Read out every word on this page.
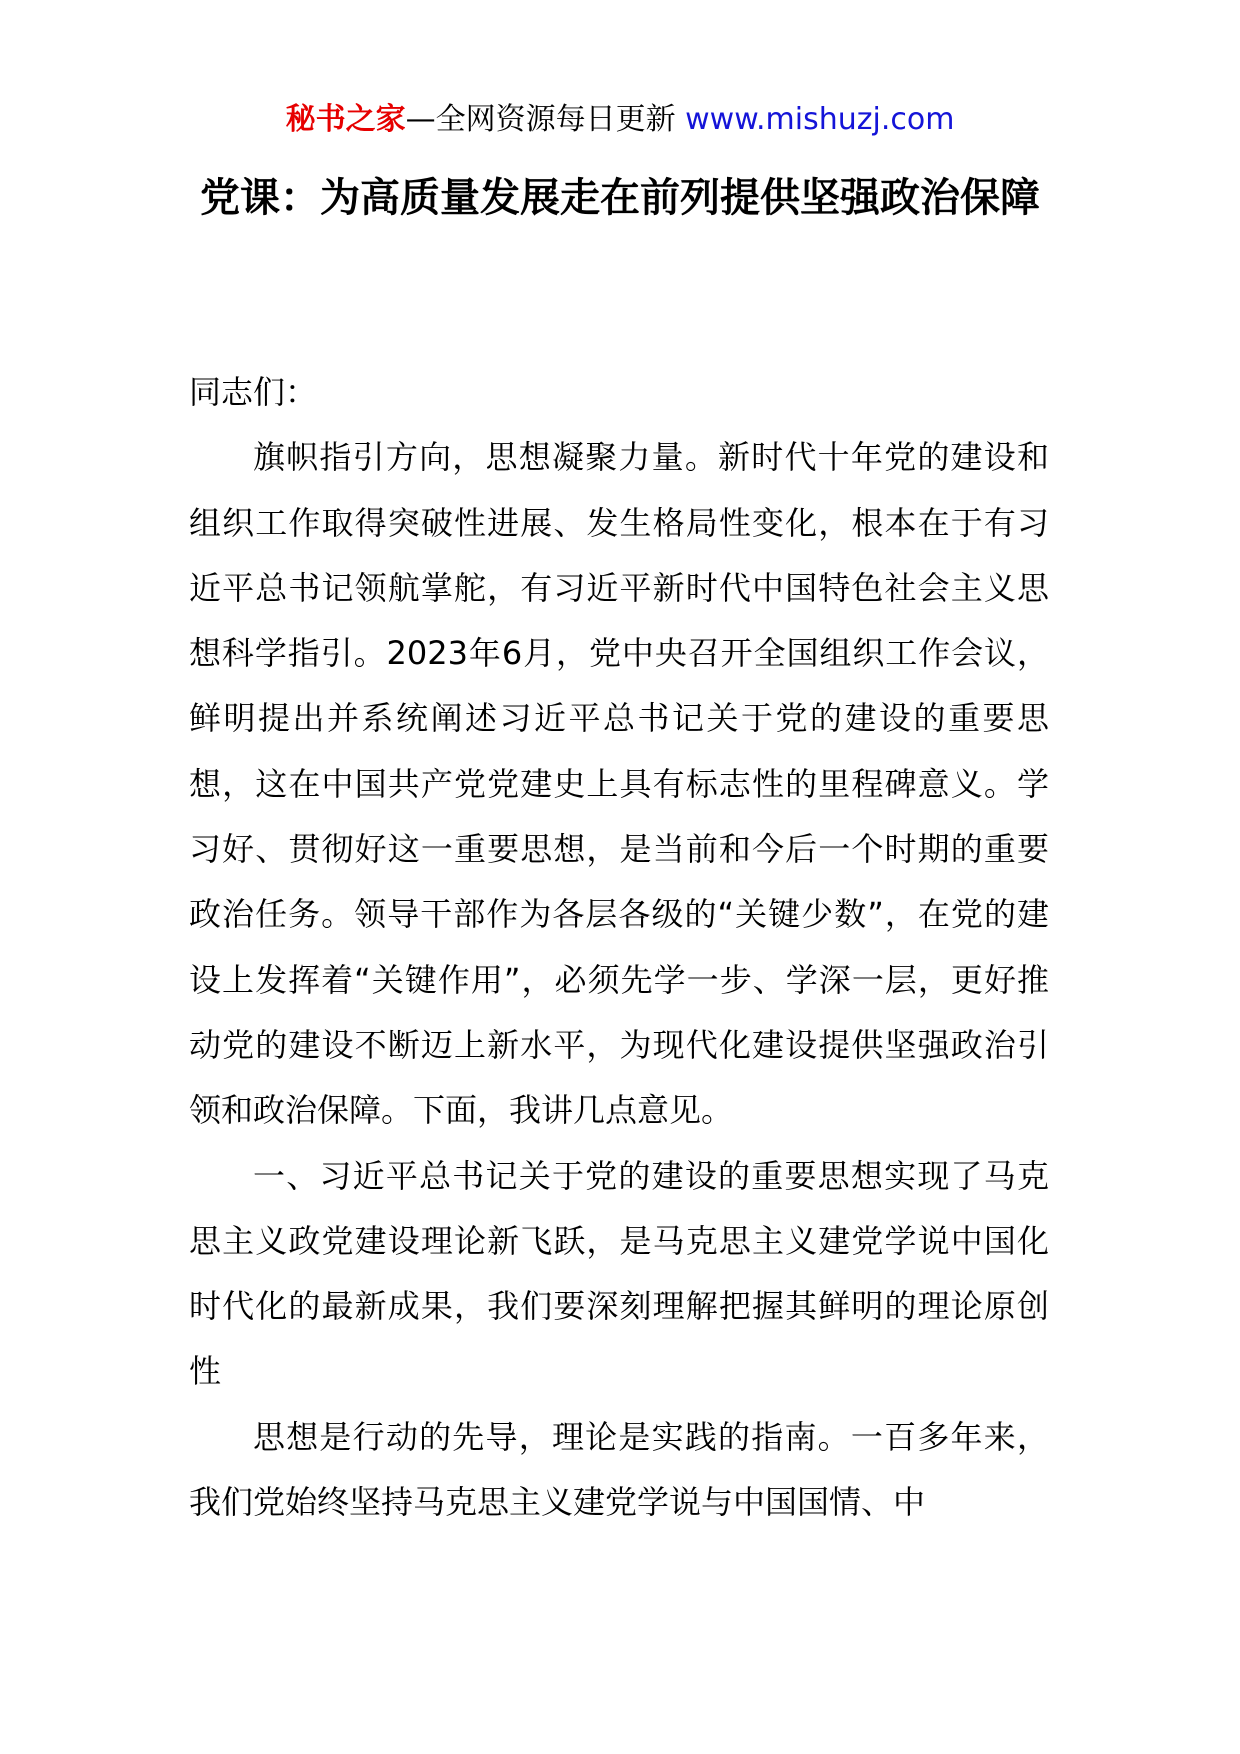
秘书之家—全网资源每日更新 www.mishuzj.com
党课：为高质量发展走在前列提供坚强政治保障

同志们：

旗帜指引方向，思想凝聚力量。新时代十年党的建设和组织工作取得突破性进展、发生格局性变化，根本在于有习近平总书记领航掌舵，有习近平新时代中国特色社会主义思想科学指引。2023年6月，党中央召开全国组织工作会议，鲜明提出并系统阐述习近平总书记关于党的建设的重要思想，这在中国共产党党建史上具有标志性的里程碑意义。学习好、贯彻好这一重要思想，是当前和今后一个时期的重要政治任务。领导干部作为各层各级的“关键少数”，在党的建设上发挥着“关键作用”，必须先学一步、学深一层，更好推动党的建设不断迈上新水平，为现代化建设提供坚强政治引领和政治保障。下面，我讲几点意见。

一、习近平总书记关于党的建设的重要思想实现了马克思主义政党建设理论新飞跃，是马克思主义建党学说中国化时代化的最新成果，我们要深刻理解把握其鲜明的理论原创性

思想是行动的先导，理论是实践的指南。一百多年来，我们党始终坚持马克思主义建党学说与中国国情、中
